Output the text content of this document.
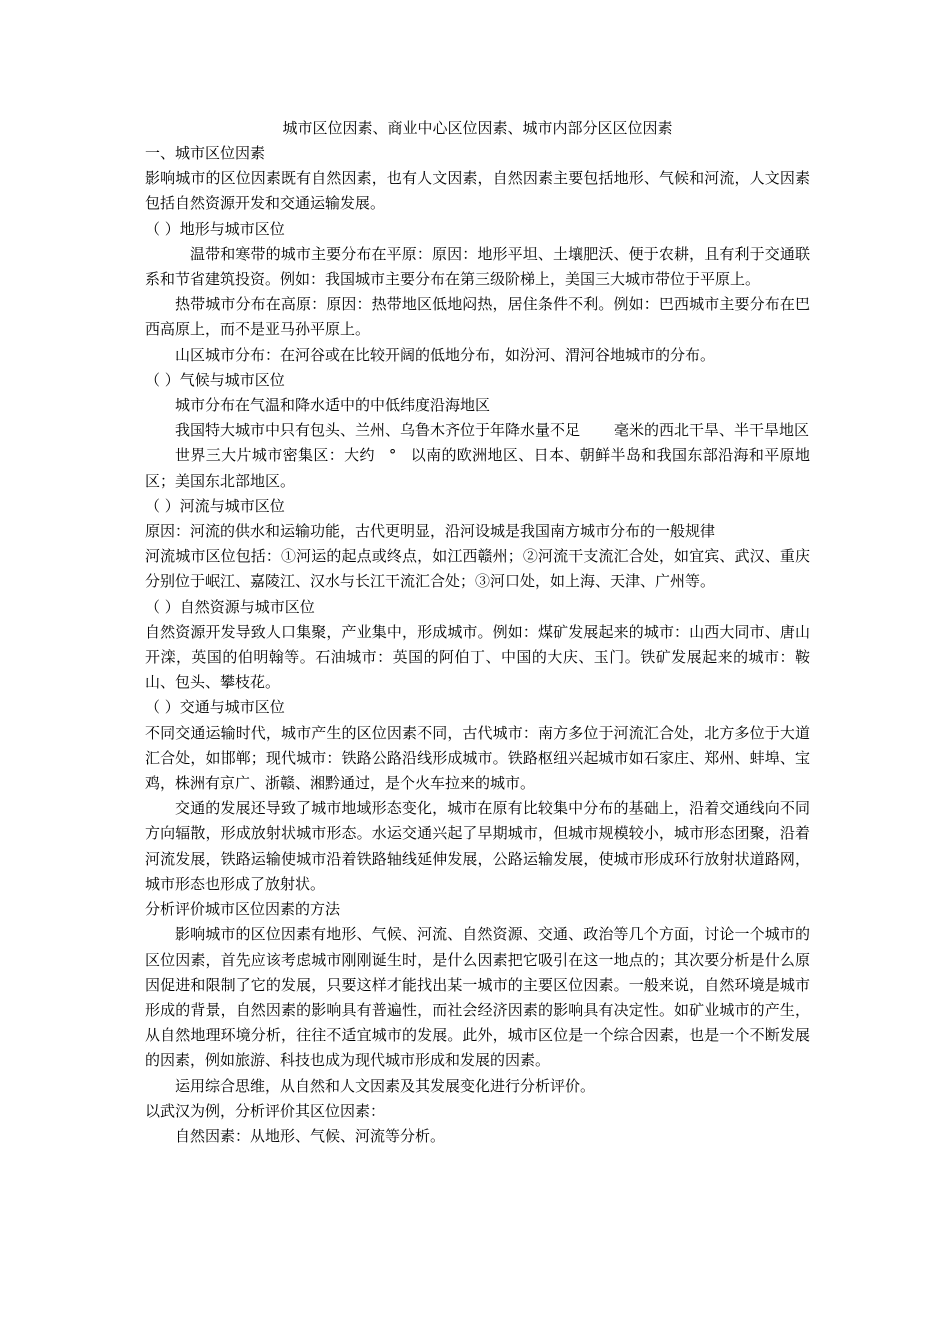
城市区位因素、商业中心区位因素、城市内部分区区位因素

一、城市区位因素

影响城市的区位因素既有自然因素，也有人文因素，自然因素主要包括地形、气候和河流，人文因素包括自然资源开发和交通运输发展。

（ ）地形与城市区位

温带和寒带的城市主要分布在平原：原因：地形平坦、土壤肥沃、便于农耕，且有利于交通联系和节省建筑投资。例如：我国城市主要分布在第三级阶梯上，美国三大城市带位于平原上。

热带城市分布在高原：原因：热带地区低地闷热，居住条件不利。例如：巴西城市主要分布在巴西高原上，而不是亚马孙平原上。

山区城市分布：在河谷或在比较开阔的低地分布，如汾河、渭河谷地城市的分布。

（ ）气候与城市区位

城市分布在气温和降水适中的中低纬度沿海地区

我国特大城市中只有包头、兰州、乌鲁木齐位于年降水量不足 毫米的西北干旱、半干旱地区

世界三大片城市密集区：大约 ° 以南的欧洲地区、日本、朝鲜半岛和我国东部沿海和平原地区；美国东北部地区。

（ ）河流与城市区位

原因：河流的供水和运输功能，古代更明显，沿河设城是我国南方城市分布的一般规律

河流城市区位包括：①河运的起点或终点，如江西赣州；②河流干支流汇合处，如宜宾、武汉、重庆分别位于岷江、嘉陵江、汉水与长江干流汇合处；③河口处，如上海、天津、广州等。

（ ）自然资源与城市区位

自然资源开发导致人口集聚，产业集中，形成城市。例如：煤矿发展起来的城市：山西大同市、唐山开滦，英国的伯明翰等。石油城市：英国的阿伯丁、中国的大庆、玉门。铁矿发展起来的城市：鞍山、包头、攀枝花。

（ ）交通与城市区位

不同交通运输时代，城市产生的区位因素不同，古代城市：南方多位于河流汇合处，北方多位于大道汇合处，如邯郸；现代城市：铁路公路沿线形成城市。铁路枢纽兴起城市如石家庄、郑州、蚌埠、宝鸡，株洲有京广、浙赣、湘黔通过，是个火车拉来的城市。

交通的发展还导致了城市地域形态变化，城市在原有比较集中分布的基础上，沿着交通线向不同方向辐散，形成放射状城市形态。水运交通兴起了早期城市，但城市规模较小，城市形态团聚，沿着河流发展，铁路运输使城市沿着铁路轴线延伸发展，公路运输发展，使城市形成环行放射状道路网，城市形态也形成了放射状。

分析评价城市区位因素的方法

影响城市的区位因素有地形、气候、河流、自然资源、交通、政治等几个方面，讨论一个城市的区位因素，首先应该考虑城市刚刚诞生时，是什么因素把它吸引在这一地点的；其次要分析是什么原因促进和限制了它的发展，只要这样才能找出某一城市的主要区位因素。一般来说，自然环境是城市形成的背景，自然因素的影响具有普遍性，而社会经济因素的影响具有决定性。如矿业城市的产生，从自然地理环境分析，往往不适宜城市的发展。此外，城市区位是一个综合因素，也是一个不断发展的因素，例如旅游、科技也成为现代城市形成和发展的因素。

运用综合思维，从自然和人文因素及其发展变化进行分析评价。

以武汉为例，分析评价其区位因素：

自然因素：从地形、气候、河流等分析。
